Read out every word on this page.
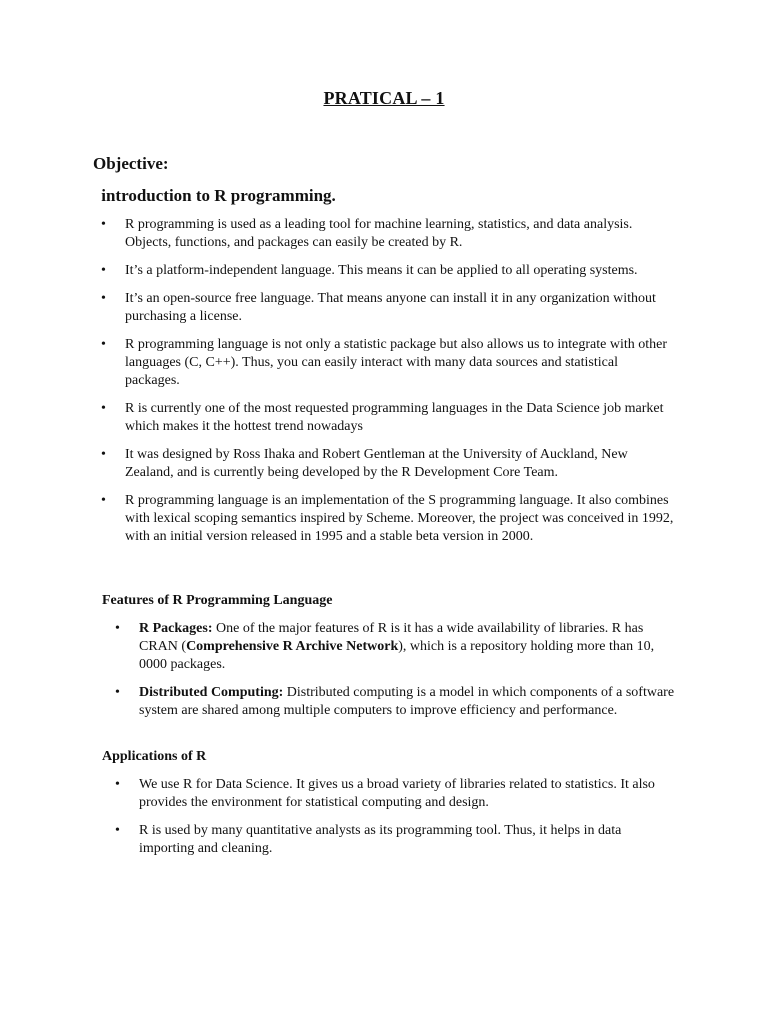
PRATICAL – 1
Objective:
introduction to R programming.
• R programming is used as a leading tool for machine learning, statistics, and data analysis. Objects, functions, and packages can easily be created by R.
• It’s a platform-independent language. This means it can be applied to all operating systems.
• It’s an open-source free language. That means anyone can install it in any organization without purchasing a license.
• R programming language is not only a statistic package but also allows us to integrate with other languages (C, C++). Thus, you can easily interact with many data sources and statistical packages.
• R is currently one of the most requested programming languages in the Data Science job market which makes it the hottest trend nowadays
• It was designed by Ross Ihaka and Robert Gentleman at the University of Auckland, New Zealand, and is currently being developed by the R Development Core Team.
• R programming language is an implementation of the S programming language. It also combines with lexical scoping semantics inspired by Scheme. Moreover, the project was conceived in 1992, with an initial version released in 1995 and a stable beta version in 2000.
Features of R Programming Language
• R Packages: One of the major features of R is it has a wide availability of libraries. R has CRAN (Comprehensive R Archive Network), which is a repository holding more than 10, 0000 packages.
• Distributed Computing: Distributed computing is a model in which components of a software system are shared among multiple computers to improve efficiency and performance.
Applications of R
• We use R for Data Science. It gives us a broad variety of libraries related to statistics. It also provides the environment for statistical computing and design.
• R is used by many quantitative analysts as its programming tool. Thus, it helps in data importing and cleaning.
